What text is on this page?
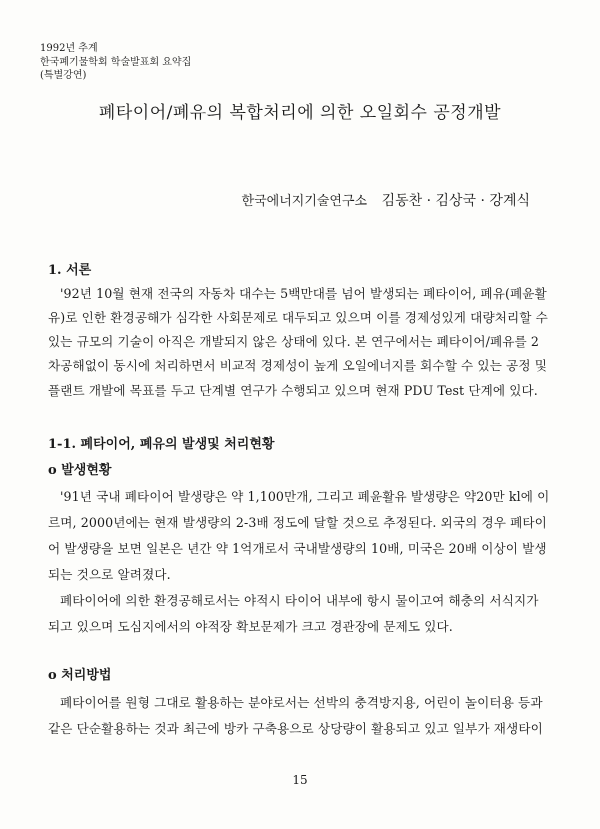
1992년 추계
한국폐기물학회 학술발표회 요약집
(특별강연)
폐타이어/폐유의 복합처리에 의한 오일회수 공정개발
한국에너지기술연구소 김동찬 · 김상국 · 강계식
1. 서론
'92년 10월 현재 전국의 자동차 대수는 5백만대를 넘어 발생되는 폐타이어, 폐유(폐윤활
유)로 인한 환경공해가 심각한 사회문제로 대두되고 있으며 이를 경제성있게 대량처리할 수
있는 규모의 기술이 아직은 개발되지 않은 상태에 있다. 본 연구에서는 폐타이어/폐유를 2
차공해없이 동시에 처리하면서 비교적 경제성이 높게 오일에너지를 회수할 수 있는 공정 및
플랜트 개발에 목표를 두고 단계별 연구가 수행되고 있으며 현재 PDU Test 단계에 있다.
1-1. 폐타이어, 폐유의 발생및 처리현황
o 발생현황
'91년 국내 폐타이어 발생량은 약 1,100만개, 그리고 폐윤활유 발생량은 약20만 kl에 이
르며, 2000년에는 현재 발생량의 2-3배 정도에 달할 것으로 추정된다. 외국의 경우 폐타이
어 발생량을 보면 일본은 년간 약 1억개로서 국내발생량의 10배, 미국은 20배 이상이 발생
되는 것으로 알려졌다.
폐타이어에 의한 환경공해로서는 야적시 타이어 내부에 항시 물이고여 해충의 서식지가
되고 있으며 도심지에서의 야적장 확보문제가 크고 경관장에 문제도 있다.
o 처리방법
폐타이어를 원형 그대로 활용하는 분야로서는 선박의 충격방지용, 어린이 놀이터용 등과
같은 단순활용하는 것과 최근에 방카 구축용으로 상당량이 활용되고 있고 일부가 재생타이
15
